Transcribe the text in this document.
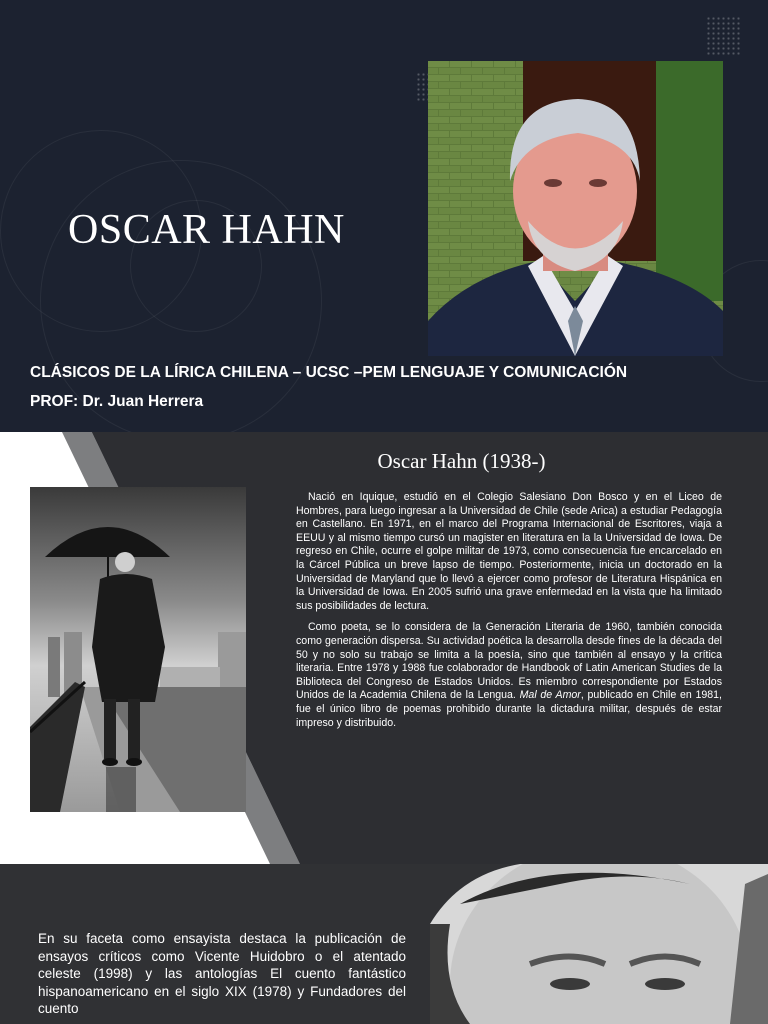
OSCAR HAHN
CLÁSICOS DE LA LÍRICA CHILENA – UCSC –PEM LENGUAJE Y COMUNICACIÓN
PROF: Dr. Juan Herrera
Oscar Hahn (1938-)

Nació en Iquique, estudió en el Colegio Salesiano Don Bosco y en el Liceo de Hombres, para luego ingresar a la Universidad de Chile (sede Arica) a estudiar Pedagogía en Castellano. En 1971, en el marco del Programa Internacional de Escritores, viaja a EEUU y al mismo tiempo cursó un magister en literatura en la la Universidad de Iowa. De regreso en Chile, ocurre el golpe militar de 1973, como consecuencia fue encarcelado en la Cárcel Pública un breve lapso de tiempo. Posteriormente, inicia un doctorado en la Universidad de Maryland que lo llevó a ejercer como profesor de Literatura Hispánica en la Universidad de Iowa. En 2005 sufrió una grave enfermedad en la vista que ha limitado sus posibilidades de lectura.

Como poeta, se lo considera de la Generación Literaria de 1960, también conocida como generación dispersa. Su actividad poética la desarrolla desde fines de la década del 50 y no solo su trabajo se limita a la poesía, sino que también al ensayo y la crítica literaria. Entre 1978 y 1988 fue colaborador de Handbook of Latin American Studies de la Biblioteca del Congreso de Estados Unidos. Es miembro correspondiente por Estados Unidos de la Academia Chilena de la Lengua. Mal de Amor, publicado en Chile en 1981, fue el único libro de poemas prohibido durante la dictadura militar, después de estar impreso y distribuido.

En su faceta como ensayista destaca la publicación de ensayos críticos como Vicente Huidobro o el atentado celeste (1998) y las antologías El cuento fantástico hispanoamericano en el siglo XIX (1978) y Fundadores del cuento
